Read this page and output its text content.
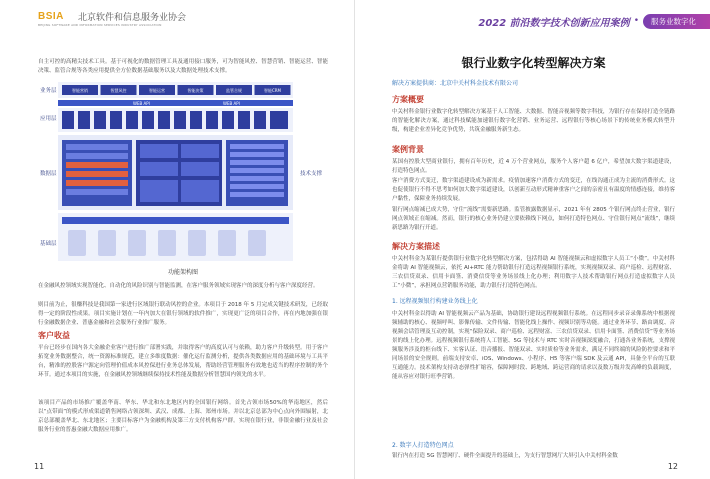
BSIA	北京软件和信息服务业协会
BEIJING SOFTWARE AND INFORMATION SERVICES INDUSTRY ASSOCIATION
自主可控的高精尖技术工具。基于可视化的数据管理工具及通用接口服务，可为智能风控、智慧营销、智能运营、智能决策、监管合规等各类应用提供全方位数据基础服务以及大数据处理技术支撑。
业务层
应用层
数据层
基础层
技术支撑
智能营销	智慧风控	智能运营	智能决策	监管合规	智能CRM
WEB API	WEB API
功能架构图
在金融风控领域实现智能化、自动化的风险识别与智能监测，在客户服务领域实现客户的深度分析与客户深度经营。
则目前为止，很赚科技是我国第一家进行区域银行联动风控的企业。本项目于 2018 年 5 月完成关键技术研发，已经取得一定的阶段性成果。项目实施计划在一年内加大在银行领域的软件推广，实现更广泛的项目合作，再在内地加强在银行金融数据企业、普惠金融和社会服务行业推广服务。
客户收益
平台已经步在国内各大金融企业客户进行推广部署实践，并取得客户的高度认可与依赖，助力客户升级转型。用于客户拓宽业务数据整合，统一资源标准规范，建立多维度数据：催化运行监测分析，提供各类数据应用的基础环境与工具平台，精准的控股客户源定向管理价值成本风控保进行业务总体发展，帮助经营管理服务有效地也适当的程序控制的务个环节。通过本项目的实施，在金融风控领域继续保持技术性能及数据分析智慧国内领先的水平。
该项目产品的市场推广覆盖华南、华东、华北和东北地区内的全国银行网络。首先占领市场50%的华南地区，然后以“点带面”的模式形成渠道销售网络占领深圳、武汉、成都、上海、郑州市场。并以北京总部为中心点向外围辐射，北京总部覆盖华北、东北地区；主要目标客户为金融机构及第三方支付机构客户群。实现在银行业，非银金融行业及社会服务行业的普惠金融大数据应用推广。
11
2022 前沿数字技术创新应用案例 •	服务业数字化
银行业数字化转型解决方案
解决方案提供商：北京中关村科金技术有限公司
方案概要
中关村科金银行业数字化转型解决方案基于人工智能、大数据、智能音视频等数字科技，为银行存在保持打造全链路的智能化解决方案，通过科技赋能加速银行数字化营销、业务运营、远程银行等核心场景下的传统业务模式转型升级，构建企业差异化竞争优势，共筑金融服务新生态。
案例背景
某国有控股大型商业银行，拥有百年历史，近 4 万个营业网点，服务个人客户超 6 亿户，希望加大数字渠道建设，打造特色网点。
客户消费方式变迁，数字渠道建设成为新需求。疫情加速客户消费方式的变迁，在线沟通正成为主流的消费形式。这也促使银行不得不思考如何加大数字渠道建设，以创新互动形式精神重客户之间的亲密且有温度的情感连接，维持客户黏性，保障业务持续发展。
银行网点缩减已成大势，守住“流线”需要新思路。监管披露数据显示，2021 年有 2805 个银行网点终止营业，银行网点领域正在缩减。然而，银行的核心业务仍建立要依赖线下网点，如何打造特色网点、守住银行网点“流线”，继续新思路为银行开道。
解决方案描述
中关村科金为某银行提供银行业数字化转型解决方案，包括得助 AI 智能视频云和虚拟数字人员工“小微”。中关村科金将助 AI 智能视频云，依托 AI+RTC 能力帮助银行打造远程视频银行系统，实现视频双录、商户巡检、远程财富、三农信贷双录、信用卡面签、消费信贷等业务场景线上化办理；利用数字人技术帮助银行网点打造虚拟数字人员工“小微”，承担网点营销服务功能，助力银行打造特色网点。
1. 远程视频银行构建业务线上化
中关村科金以得助 AI 智能视频云产品为基础，协助银行建设远程视频银行系统。在远程同步录音录像系统中根据视频辅助的核心、视频呼叫、影像传输、文件传输、智能化线上操作、视频识别等功能。通过业务环节、路由调度、音视频会话管理及互动控制，实现“保险双录、商户巡检、远程财富、三农信贷双录、信用卡面签、消费信贷”等业务场景的线上化办理。远程视频银行系统将人工智能、5G 等技术与 RTC 实时音视频深度融合，打通各业务系统，支撑视频服务涉及的柜台线下、实客认证、语音播报、智能双录、实时质检等业务需求，满足不同终端的风险防控要求和平同场景的安全规则。前端支持安卓、iOS、Windows、小程序、H5 等客户端 SDK 及云通 API，具备全平台的互联互通能力。技术架构支持动态弹性扩缩容，保障网时段、跨地域、跨运营商的请求以及数万级并发高峰的负载调度，能从容应对银行旺季营销。
2. 数字人打造特色网点
银行内在打造 5G 智慧网厅、硬件全面提升的基础上，为支行智慧网厅大屏引入中关村科金数
12
